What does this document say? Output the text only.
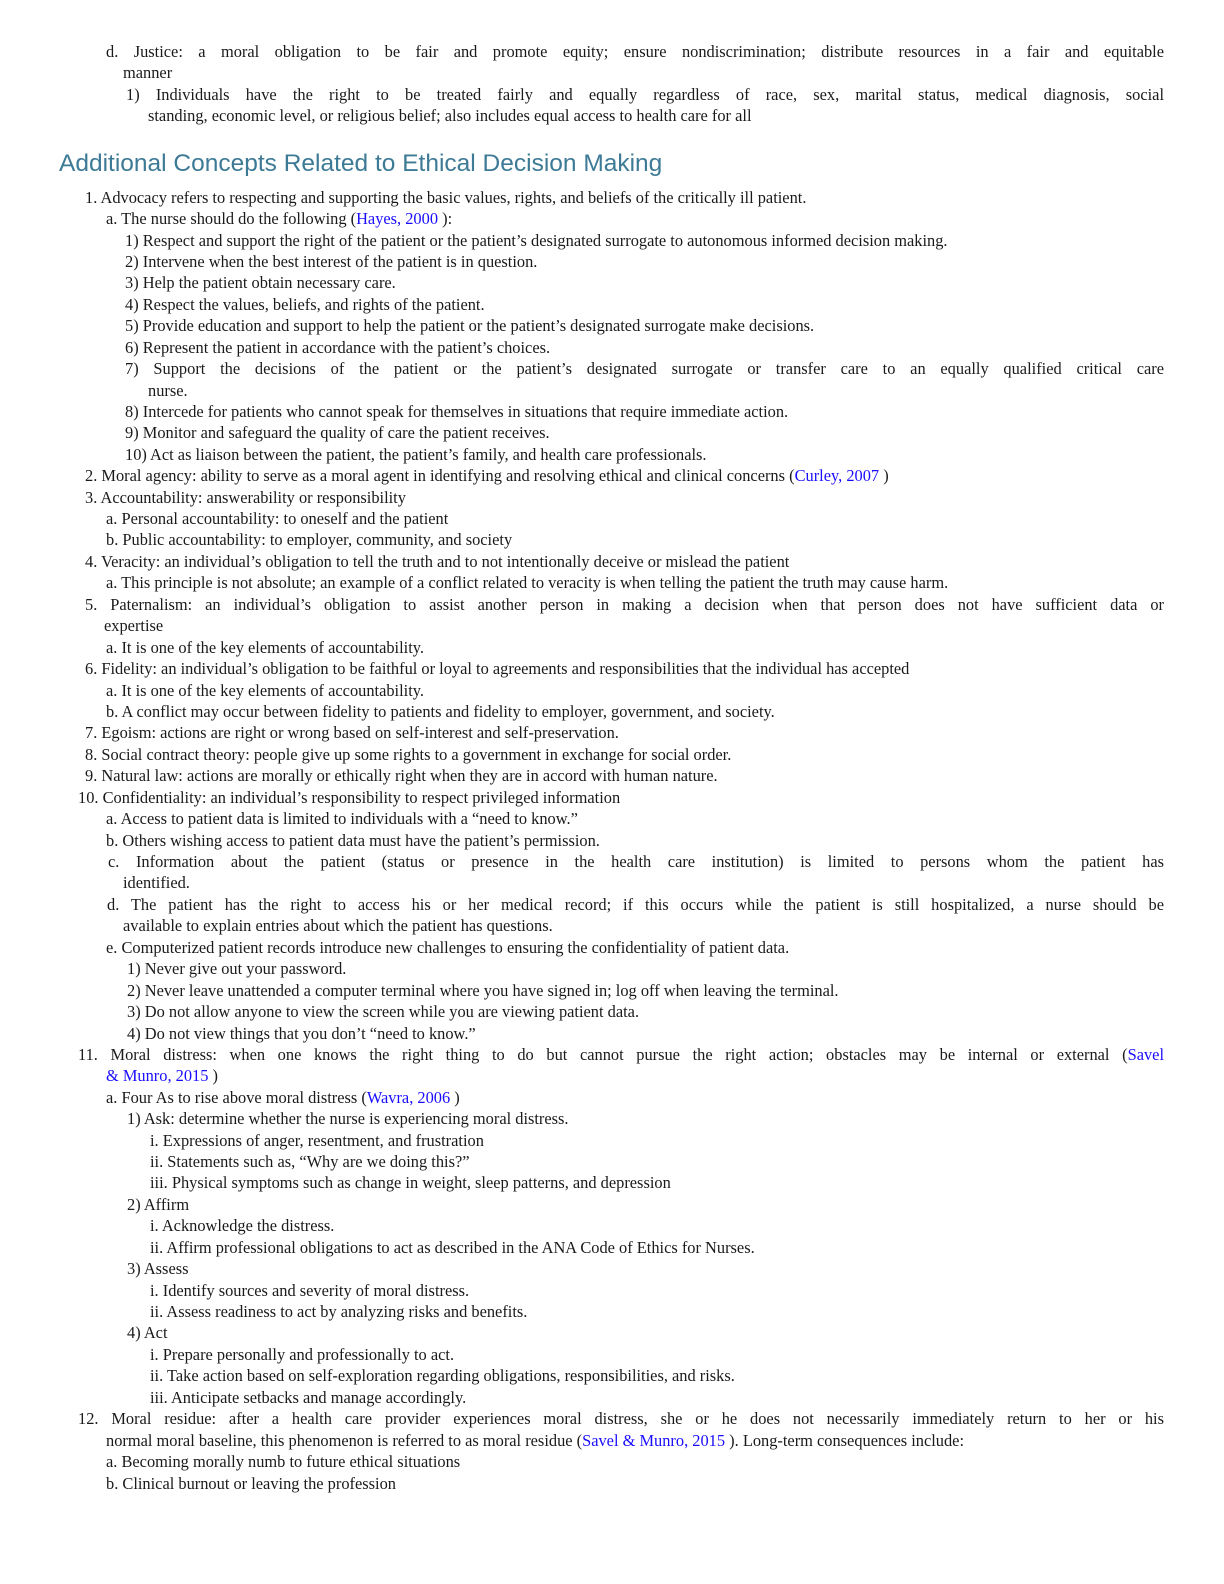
Additional Concepts Related to Ethical Decision Making
d. Justice: a moral obligation to be fair and promote equity; ensure nondiscrimination; distribute resources in a fair and equitable
manner
1) Individuals have the right to be treated fairly and equally regardless of race, sex, marital status, medical diagnosis, social
standing, economic level, or religious belief; also includes equal access to health care for all
1. Advocacy refers to respecting and supporting the basic values, rights, and beliefs of the critically ill patient.
a. The nurse should do the following (Hayes, 2000 ):
1) Respect and support the right of the patient or the patient’s designated surrogate to autonomous informed decision making.
2) Intervene when the best interest of the patient is in question.
3) Help the patient obtain necessary care.
4) Respect the values, beliefs, and rights of the patient.
5) Provide education and support to help the patient or the patient’s designated surrogate make decisions.
6) Represent the patient in accordance with the patient’s choices.
7) Support the decisions of the patient or the patient’s designated surrogate or transfer care to an equally qualified critical care
nurse.
8) Intercede for patients who cannot speak for themselves in situations that require immediate action.
9) Monitor and safeguard the quality of care the patient receives.
10) Act as liaison between the patient, the patient’s family, and health care professionals.
2. Moral agency: ability to serve as a moral agent in identifying and resolving ethical and clinical concerns (Curley, 2007 )
3. Accountability: answerability or responsibility
a. Personal accountability: to oneself and the patient
b. Public accountability: to employer, community, and society
4. Veracity: an individual’s obligation to tell the truth and to not intentionally deceive or mislead the patient
a. This principle is not absolute; an example of a conflict related to veracity is when telling the patient the truth may cause harm.
5. Paternalism: an individual’s obligation to assist another person in making a decision when that person does not have sufficient data or
expertise
a. It is one of the key elements of accountability.
6. Fidelity: an individual’s obligation to be faithful or loyal to agreements and responsibilities that the individual has accepted
a. It is one of the key elements of accountability.
b. A conflict may occur between fidelity to patients and fidelity to employer, government, and society.
7. Egoism: actions are right or wrong based on self-interest and self-preservation.
8. Social contract theory: people give up some rights to a government in exchange for social order.
9. Natural law: actions are morally or ethically right when they are in accord with human nature.
10. Confidentiality: an individual’s responsibility to respect privileged information
a. Access to patient data is limited to individuals with a “need to know.”
b. Others wishing access to patient data must have the patient’s permission.
c. Information about the patient (status or presence in the health care institution) is limited to persons whom the patient has
identified.
d. The patient has the right to access his or her medical record; if this occurs while the patient is still hospitalized, a nurse should be
available to explain entries about which the patient has questions.
e. Computerized patient records introduce new challenges to ensuring the confidentiality of patient data.
1) Never give out your password.
2) Never leave unattended a computer terminal where you have signed in; log off when leaving the terminal.
3) Do not allow anyone to view the screen while you are viewing patient data.
4) Do not view things that you don’t “need to know.”
11. Moral distress: when one knows the right thing to do but cannot pursue the right action; obstacles may be internal or external (Savel
& Munro, 2015 )
a. Four As to rise above moral distress (Wavra, 2006 )
1) Ask: determine whether the nurse is experiencing moral distress.
i. Expressions of anger, resentment, and frustration
ii. Statements such as, “Why are we doing this?”
iii. Physical symptoms such as change in weight, sleep patterns, and depression
2) Affirm
i. Acknowledge the distress.
ii. Affirm professional obligations to act as described in the ANA Code of Ethics for Nurses.
3) Assess
i. Identify sources and severity of moral distress.
ii. Assess readiness to act by analyzing risks and benefits.
4) Act
i. Prepare personally and professionally to act.
ii. Take action based on self-exploration regarding obligations, responsibilities, and risks.
iii. Anticipate setbacks and manage accordingly.
12. Moral residue: after a health care provider experiences moral distress, she or he does not necessarily immediately return to her or his
normal moral baseline, this phenomenon is referred to as moral residue (Savel & Munro, 2015 ). Long-term consequences include:
a. Becoming morally numb to future ethical situations
b. Clinical burnout or leaving the profession
